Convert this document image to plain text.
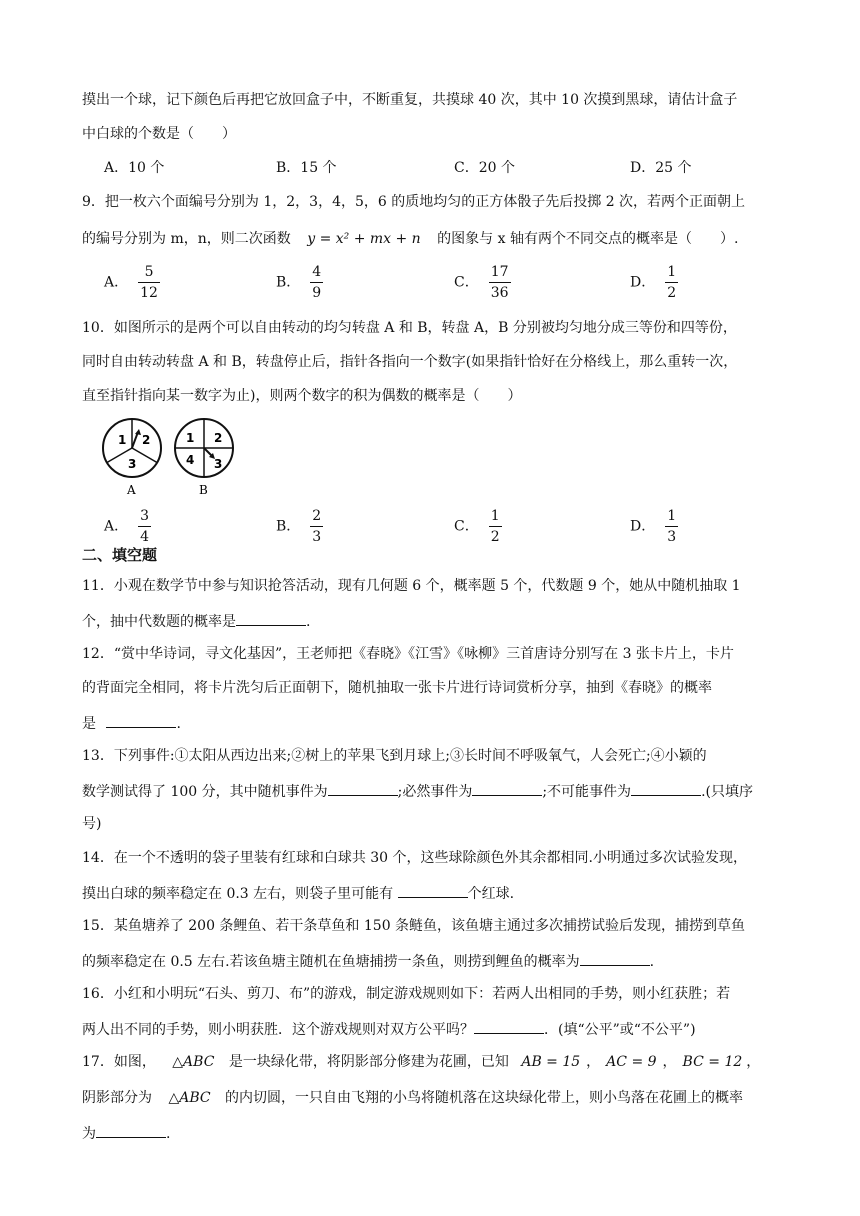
摸出一个球，记下颜色后再把它放回盒子中，不断重复，共摸球 40 次，其中 10 次摸到黑球，请估计盒子
中白球的个数是（　　）
A．10 个	B．15 个	C．20 个	D．25 个
9．把一枚六个面编号分别为 1，2，3，4，5，6 的质地均匀的正方体骰子先后投掷 2 次，若两个正面朝上
的编号分别为 m，n，则二次函数 y = x² + mx + n 的图象与 x 轴有两个不同交点的概率是（　　）.
A． $\frac{5}{12}$	B． $\frac{4}{9}$	C． $\frac{17}{36}$	D． $\frac{1}{2}$
10．如图所示的是两个可以自由转动的均匀转盘 A 和 B，转盘 A，B 分别被均匀地分成三等份和四等份，
同时自由转动转盘 A 和 B，转盘停止后，指针各指向一个数字(如果指针恰好在分格线上，那么重转一次，
直至指针指向某一数字为止)，则两个数字的积为偶数的概率是（　　）
1 2
3
A
1 2
4 3
B
A． $\frac{3}{4}$	B． $\frac{2}{3}$	C． $\frac{1}{2}$	D． $\frac{1}{3}$
二、填空题
11．小观在数学节中参与知识抢答活动，现有几何题 6 个，概率题 5 个，代数题 9 个，她从中随机抽取 1
个，抽中代数题的概率是	.
12．“赏中华诗词，寻文化基因”，王老师把《春晓》《江雪》《咏柳》三首唐诗分别写在 3 张卡片上，卡片
的背面完全相同，将卡片洗匀后正面朝下，随机抽取一张卡片进行诗词赏析分享，抽到《春晓》的概率
是	.
13．下列事件:①太阳从西边出来;②树上的苹果飞到月球上;③长时间不呼吸氧气，人会死亡;④小颖的
数学测试得了 100 分，其中随机事件为	;必然事件为	;不可能事件为	.(只填序
号)
14．在一个不透明的袋子里装有红球和白球共 30 个，这些球除颜色外其余都相同.小明通过多次试验发现，
摸出白球的频率稳定在 0.3 左右，则袋子里可能有	个红球.
15．某鱼塘养了 200 条鲤鱼、若干条草鱼和 150 条鲢鱼，该鱼塘主通过多次捕捞试验后发现，捕捞到草鱼
的频率稳定在 0.5 左右.若该鱼塘主随机在鱼塘捕捞一条鱼，则捞到鲤鱼的概率为	.
16．小红和小明玩“石头、剪刀、布”的游戏，制定游戏规则如下：若两人出相同的手势，则小红获胜；若
两人出不同的手势，则小明获胜．这个游戏规则对双方公平吗？	．(填“公平”或“不公平”)
17．如图， △ABC 是一块绿化带，将阴影部分修建为花圃，已知 AB = 15 ， AC = 9 ， BC = 12 ，
阴影部分为 △ABC 的内切圆，一只自由飞翔的小鸟将随机落在这块绿化带上，则小鸟落在花圃上的概率
为	.
